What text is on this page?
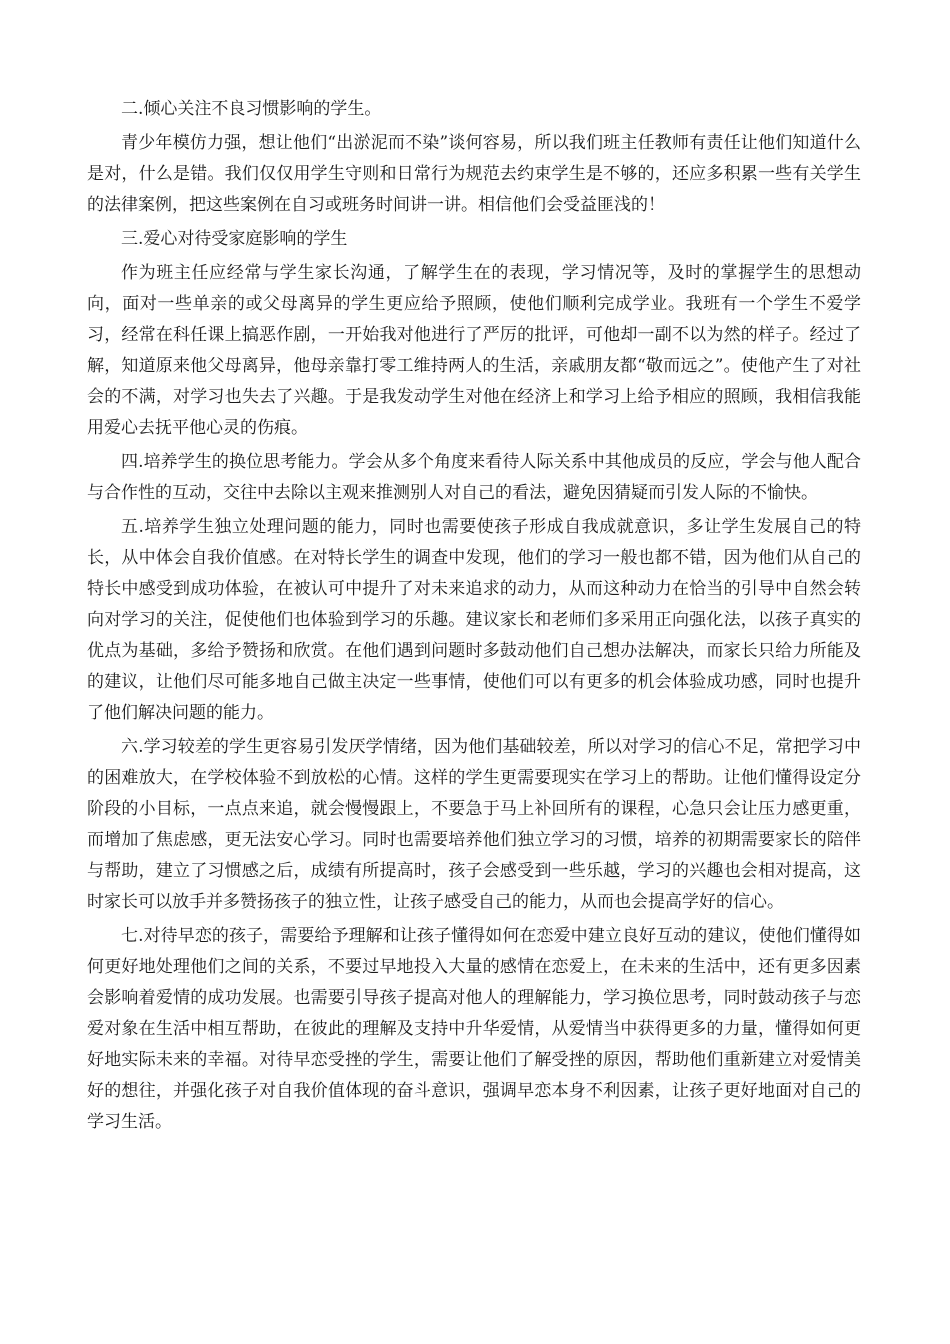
二.倾心关注不良习惯影响的学生。

青少年模仿力强，想让他们“出淤泥而不染”谈何容易，所以我们班主任教师有责任让他们知道什么是对，什么是错。我们仅仅用学生守则和日常行为规范去约束学生是不够的，还应多积累一些有关学生的法律案例，把这些案例在自习或班务时间讲一讲。相信他们会受益匪浅的！

三.爱心对待受家庭影响的学生

作为班主任应经常与学生家长沟通，了解学生在的表现，学习情况等，及时的掌握学生的思想动向，面对一些单亲的或父母离异的学生更应给予照顾，使他们顺利完成学业。我班有一个学生不爱学习，经常在科任课上搞恶作剧，一开始我对他进行了严厉的批评，可他却一副不以为然的样子。经过了解，知道原来他父母离异，他母亲靠打零工维持两人的生活，亲戚朋友都“敬而远之”。使他产生了对社会的不满，对学习也失去了兴趣。于是我发动学生对他在经济上和学习上给予相应的照顾，我相信我能用爱心去抚平他心灵的伤痕。

四.培养学生的换位思考能力。学会从多个角度来看待人际关系中其他成员的反应，学会与他人配合与合作性的互动，交往中去除以主观来推测别人对自己的看法，避免因猜疑而引发人际的不愉快。

五.培养学生独立处理问题的能力，同时也需要使孩子形成自我成就意识，多让学生发展自己的特长，从中体会自我价值感。在对特长学生的调查中发现，他们的学习一般也都不错，因为他们从自己的特长中感受到成功体验，在被认可中提升了对未来追求的动力，从而这种动力在恰当的引导中自然会转向对学习的关注，促使他们也体验到学习的乐趣。建议家长和老师们多采用正向强化法，以孩子真实的优点为基础，多给予赞扬和欣赏。在他们遇到问题时多鼓动他们自己想办法解决，而家长只给力所能及的建议，让他们尽可能多地自己做主决定一些事情，使他们可以有更多的机会体验成功感，同时也提升了他们解决问题的能力。

六.学习较差的学生更容易引发厌学情绪，因为他们基础较差，所以对学习的信心不足，常把学习中的困难放大，在学校体验不到放松的心情。这样的学生更需要现实在学习上的帮助。让他们懂得设定分阶段的小目标，一点点来追，就会慢慢跟上，不要急于马上补回所有的课程，心急只会让压力感更重，而增加了焦虑感，更无法安心学习。同时也需要培养他们独立学习的习惯，培养的初期需要家长的陪伴与帮助，建立了习惯感之后，成绩有所提高时，孩子会感受到一些乐越，学习的兴趣也会相对提高，这时家长可以放手并多赞扬孩子的独立性，让孩子感受自己的能力，从而也会提高学好的信心。

七.对待早恋的孩子，需要给予理解和让孩子懂得如何在恋爱中建立良好互动的建议，使他们懂得如何更好地处理他们之间的关系，不要过早地投入大量的感情在恋爱上，在未来的生活中，还有更多因素会影响着爱情的成功发展。也需要引导孩子提高对他人的理解能力，学习换位思考，同时鼓动孩子与恋爱对象在生活中相互帮助，在彼此的理解及支持中升华爱情，从爱情当中获得更多的力量，懂得如何更好地实际未来的幸福。对待早恋受挫的学生，需要让他们了解受挫的原因，帮助他们重新建立对爱情美好的想往，并强化孩子对自我价值体现的奋斗意识，强调早恋本身不利因素，让孩子更好地面对自己的学习生活。
